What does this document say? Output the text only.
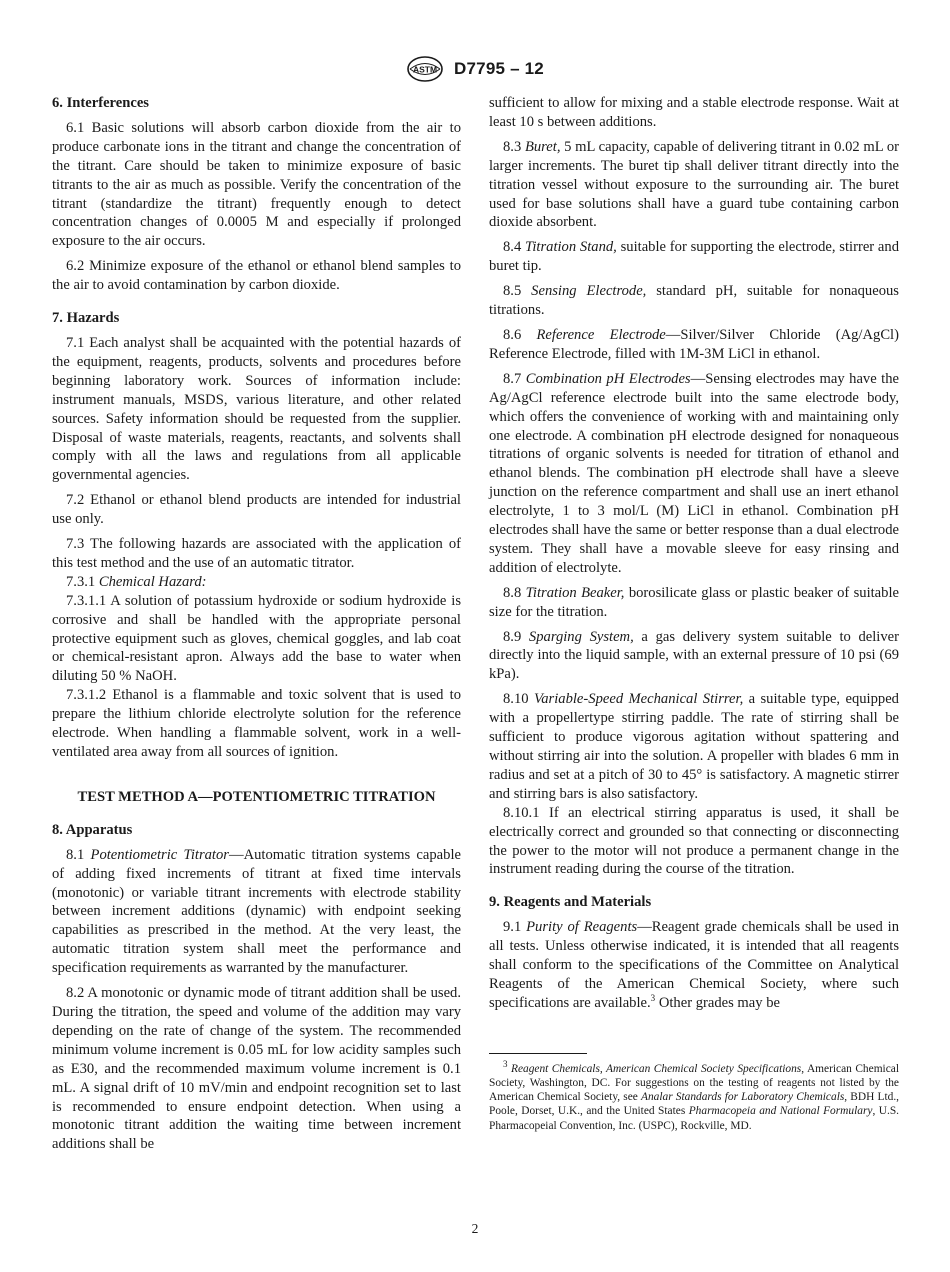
ASTM D7795 – 12
6. Interferences

6.1 Basic solutions will absorb carbon dioxide from the air to produce carbonate ions in the titrant and change the concentration of the titrant. Care should be taken to minimize exposure of basic titrants to the air as much as possible. Verify the concentration of the titrant (standardize the titrant) frequently enough to detect concentration changes of 0.0005 M and especially if prolonged exposure to the air occurs.

6.2 Minimize exposure of the ethanol or ethanol blend samples to the air to avoid contamination by carbon dioxide.

7. Hazards

7.1 Each analyst shall be acquainted with the potential hazards of the equipment, reagents, products, solvents and procedures before beginning laboratory work. Sources of information include: instrument manuals, MSDS, various literature, and other related sources. Safety information should be requested from the supplier. Disposal of waste materials, reagents, reactants, and solvents shall comply with all the laws and regulations from all applicable governmental agencies.

7.2 Ethanol or ethanol blend products are intended for industrial use only.

7.3 The following hazards are associated with the application of this test method and the use of an automatic titrator.

7.3.1 Chemical Hazard:

7.3.1.1 A solution of potassium hydroxide or sodium hydroxide is corrosive and shall be handled with the appropriate personal protective equipment such as gloves, chemical goggles, and lab coat or chemical-resistant apron. Always add the base to water when diluting 50 % NaOH.

7.3.1.2 Ethanol is a flammable and toxic solvent that is used to prepare the lithium chloride electrolyte solution for the reference electrode. When handling a flammable solvent, work in a well-ventilated area away from all sources of ignition.

TEST METHOD A—POTENTIOMETRIC TITRATION
8. Apparatus

8.1 Potentiometric Titrator—Automatic titration systems capable of adding fixed increments of titrant at fixed time intervals (monotonic) or variable titrant increments with electrode stability between increment additions (dynamic) with endpoint seeking capabilities as prescribed in the method. At the very least, the automatic titration system shall meet the performance and specification requirements as warranted by the manufacturer.

8.2 A monotonic or dynamic mode of titrant addition shall be used. During the titration, the speed and volume of the addition may vary depending on the rate of change of the system. The recommended minimum volume increment is 0.05 mL for low acidity samples such as E30, and the recommended maximum volume increment is 0.1 mL. A signal drift of 10 mV/min and endpoint recognition set to last is recommended to ensure endpoint detection. When using a monotonic titrant addition the waiting time between increment additions shall be

sufficient to allow for mixing and a stable electrode response. Wait at least 10 s between additions.

8.3 Buret, 5 mL capacity, capable of delivering titrant in 0.02 mL or larger increments. The buret tip shall deliver titrant directly into the titration vessel without exposure to the surrounding air. The buret used for base solutions shall have a guard tube containing carbon dioxide absorbent.

8.4 Titration Stand, suitable for supporting the electrode, stirrer and buret tip.

8.5 Sensing Electrode, standard pH, suitable for nonaqueous titrations.

8.6 Reference Electrode—Silver/Silver Chloride (Ag/AgCl) Reference Electrode, filled with 1M-3M LiCl in ethanol.

8.7 Combination pH Electrodes—Sensing electrodes may have the Ag/AgCl reference electrode built into the same electrode body, which offers the convenience of working with and maintaining only one electrode. A combination pH electrode designed for nonaqueous titrations of organic solvents is needed for titration of ethanol and ethanol blends. The combination pH electrode shall have a sleeve junction on the reference compartment and shall use an inert ethanol electrolyte, 1 to 3 mol/L (M) LiCl in ethanol. Combination pH electrodes shall have the same or better response than a dual electrode system. They shall have a movable sleeve for easy rinsing and addition of electrolyte.

8.8 Titration Beaker, borosilicate glass or plastic beaker of suitable size for the titration.

8.9 Sparging System, a gas delivery system suitable to deliver directly into the liquid sample, with an external pressure of 10 psi (69 kPa).

8.10 Variable-Speed Mechanical Stirrer, a suitable type, equipped with a propellertype stirring paddle. The rate of stirring shall be sufficient to produce vigorous agitation without spattering and without stirring air into the solution. A propeller with blades 6 mm in radius and set at a pitch of 30 to 45° is satisfactory. A magnetic stirrer and stirring bars is also satisfactory.

8.10.1 If an electrical stirring apparatus is used, it shall be electrically correct and grounded so that connecting or disconnecting the power to the motor will not produce a permanent change in the instrument reading during the course of the titration.

9. Reagents and Materials

9.1 Purity of Reagents—Reagent grade chemicals shall be used in all tests. Unless otherwise indicated, it is intended that all reagents shall conform to the specifications of the Committee on Analytical Reagents of the American Chemical Society, where such specifications are available.$^3$ Other grades may be

$^3$ Reagent Chemicals, American Chemical Society Specifications, American Chemical Society, Washington, DC. For suggestions on the testing of reagents not listed by the American Chemical Society, see Analar Standards for Laboratory Chemicals, BDH Ltd., Poole, Dorset, U.K., and the United States Pharmacopeia and National Formulary, U.S. Pharmacopeial Convention, Inc. (USPC), Rockville, MD.

2
